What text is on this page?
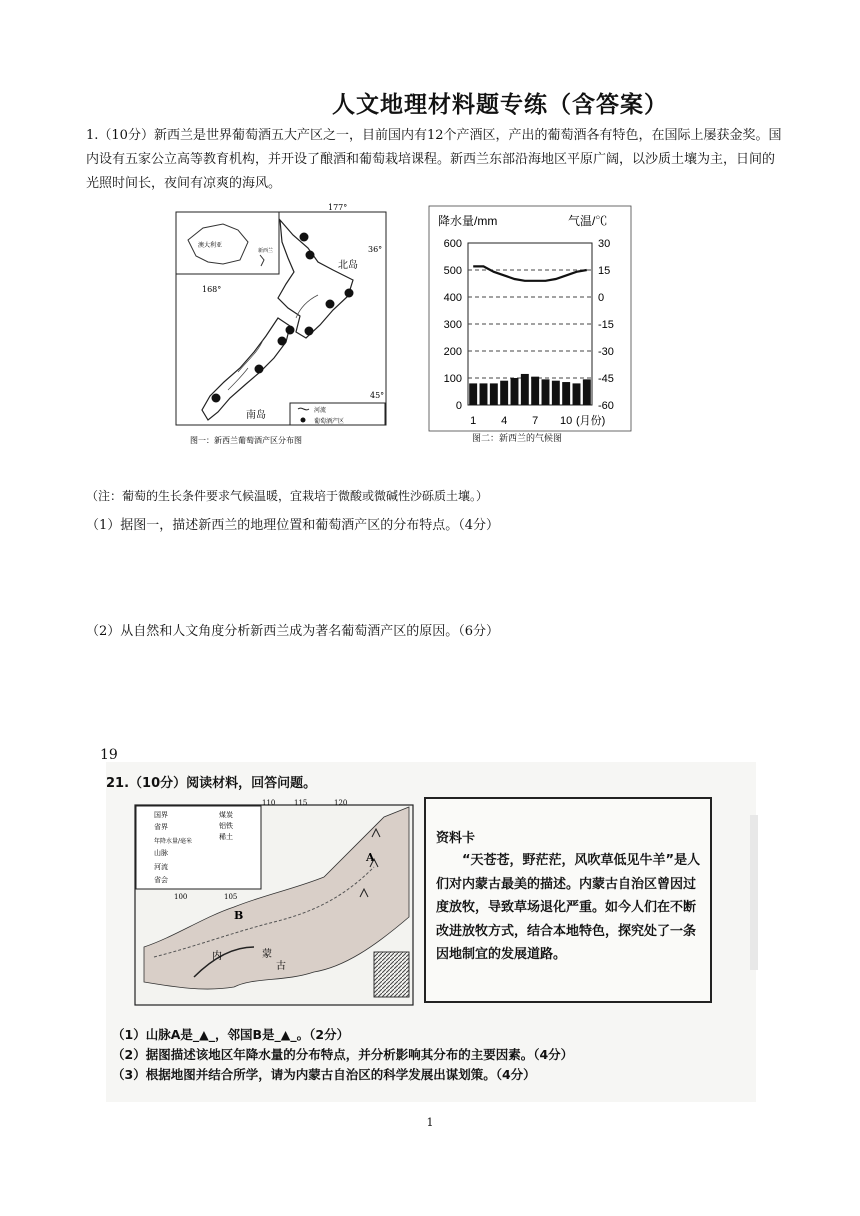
人文地理材料题专练（含答案）
1.（10分）新西兰是世界葡萄酒五大产区之一，目前国内有12个产酒区，产出的葡萄酒各有特色，在国际上屡获金奖。国内设有五家公立高等教育机构，并开设了酿酒和葡萄栽培课程。新西兰东部沿海地区平原广阔，以沙质土壤为主，日间的光照时间长，夜间有凉爽的海风。
澳大利亚
新西兰
177°
36°
168°
45°
北岛
南岛	河流
葡萄酒产区
图一：新西兰葡萄酒产区分布图
降水量/mm	气温/℃
600
500
400
300
200
100
0
30
15
0
-15
-30
-45
-60
1 4 7 10 (月份)
图二：新西兰的气候图
（注：葡萄的生长条件要求气候温暖，宜栽培于微酸或微碱性沙砾质土壤。）
（1）据图一，描述新西兰的地理位置和葡萄酒产区的分布特点。（4分）
（2）从自然和人文角度分析新西兰成为著名葡萄酒产区的原因。（6分）
19
21.（10分）阅读材料，回答问题。
国界
省界
年降水量/毫米
山脉
河流
省会
煤炭
稀土
铝铁
A
B
内	蒙
古
110	115	120
105
100
资料卡
“天苍苍，野茫茫，风吹草低见牛羊”是人们对内蒙古最美的描述。内蒙古自治区曾因过度放牧，导致草场退化严重。如今人们在不断改进放牧方式，结合本地特色，探究处了一条因地制宜的发展道路。
（1）山脉A是_▲_，邻国B是_▲_。（2分）
（2）据图描述该地区年降水量的分布特点，并分析影响其分布的主要因素。（4分）
（3）根据地图并结合所学，请为内蒙古自治区的科学发展出谋划策。（4分）
1
